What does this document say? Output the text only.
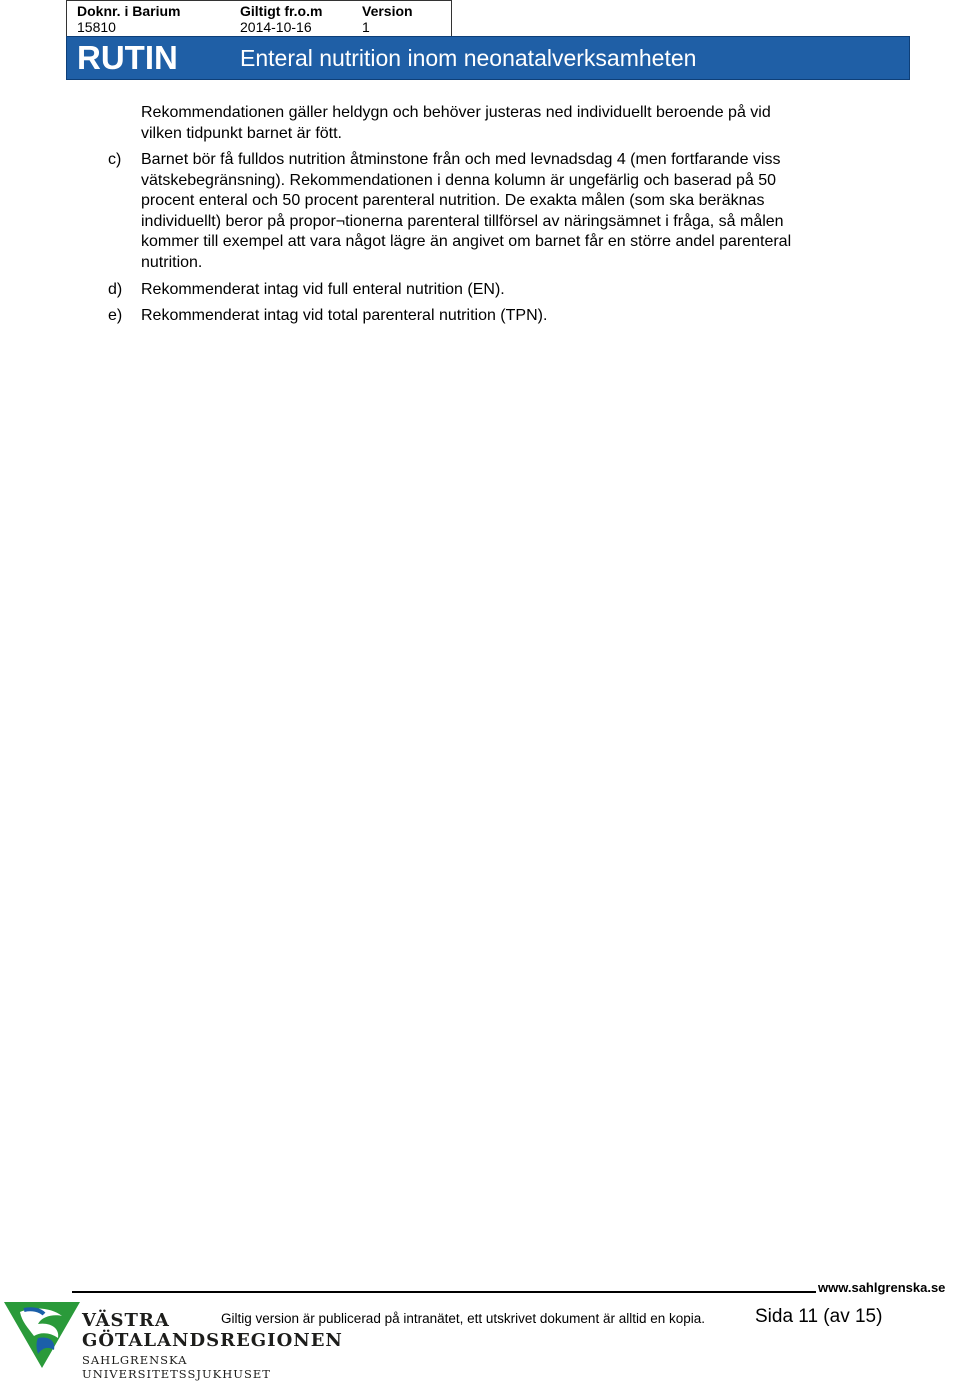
Doknr. i Barium
15810
Giltigt fr.o.m
2014-10-16
Version
1
RUTIN	Enteral nutrition inom neonatalverksamheten
Rekommendationen gäller heldygn och behöver justeras ned individuellt beroende på vid
vilken tidpunkt barnet är fött.
c) Barnet bör få fulldos nutrition åtminstone från och med levnadsdag 4 (men fortfarande viss
vätskebegränsning). Rekommendationen i denna kolumn är ungefärlig och baserad på 50
procent enteral och 50 procent parenteral nutrition. De exakta målen (som ska beräknas
individuellt) beror på propor¬tionerna parenteral tillförsel av näringsämnet i fråga, så målen
kommer till exempel att vara något lägre än angivet om barnet får en större andel parenteral
nutrition.
d) Rekommenderat intag vid full enteral nutrition (EN).
e) Rekommenderat intag vid total parenteral nutrition (TPN).
www.sahlgrenska.se
Giltig version är publicerad på intranätet, ett utskrivet dokument är alltid en kopia.	Sida 11 (av 15)
VÄSTRA
GÖTALANDSREGIONEN
SAHLGRENSKA UNIVERSITETSSJUKHUSET
